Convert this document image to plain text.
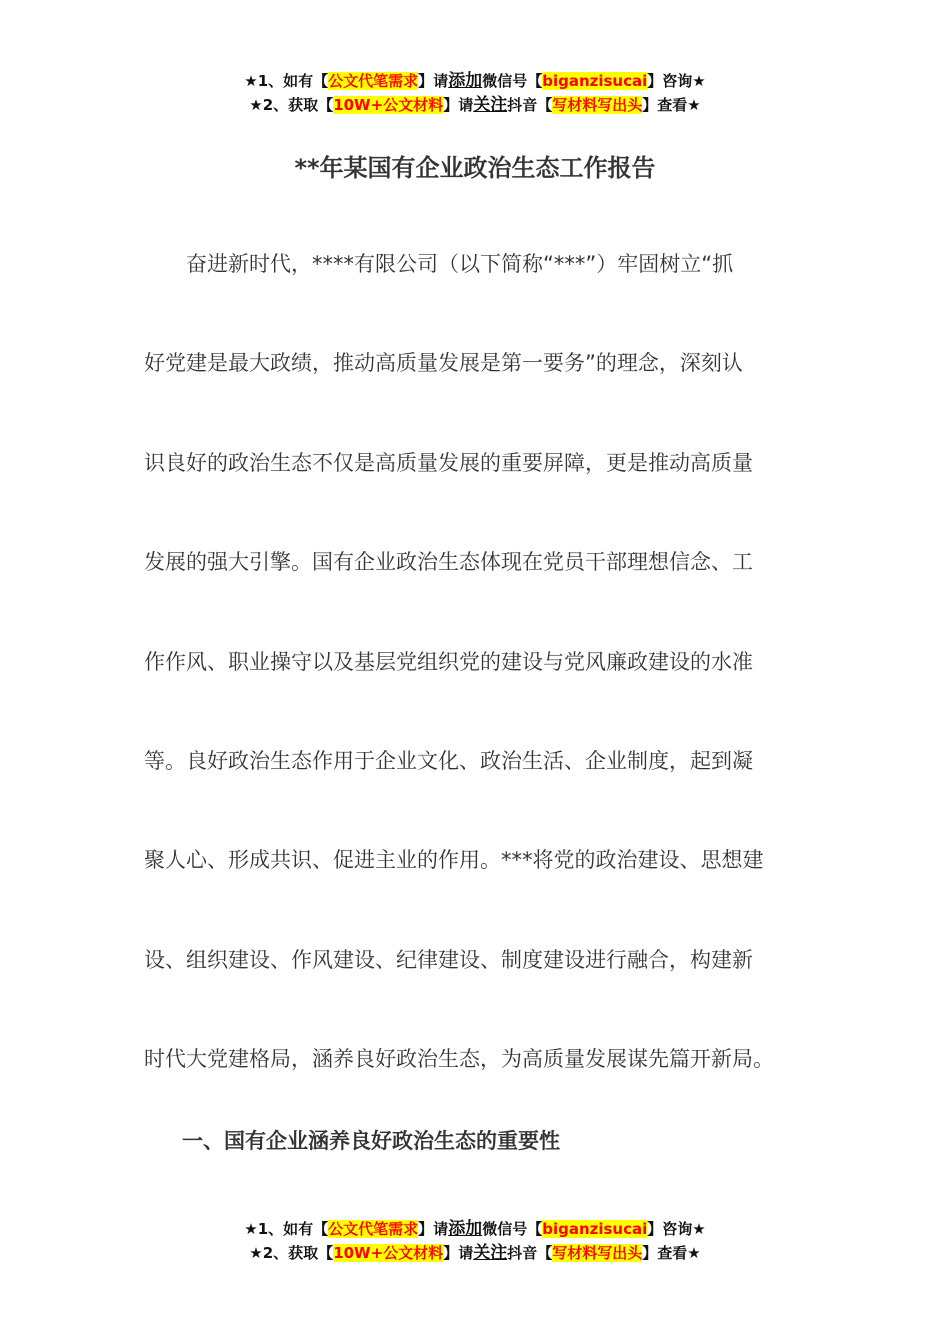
★1、如有【公文代笔需求】请添加微信号【biganzisucai】咨询★
★2、获取【10W+公文材料】请关注抖音【写材料写出头】查看★
**年某国有企业政治生态工作报告
　　奋进新时代，****有限公司（以下简称“***”）牢固树立“抓
好党建是最大政绩，推动高质量发展是第一要务”的理念，深刻认
识良好的政治生态不仅是高质量发展的重要屏障，更是推动高质量
发展的强大引擎。国有企业政治生态体现在党员干部理想信念、工
作作风、职业操守以及基层党组织党的建设与党风廉政建设的水准
等。良好政治生态作用于企业文化、政治生活、企业制度，起到凝
聚人心、形成共识、促进主业的作用。***将党的政治建设、思想建
设、组织建设、作风建设、纪律建设、制度建设进行融合，构建新
时代大党建格局，涵养良好政治生态，为高质量发展谋先篇开新局。
一、国有企业涵养良好政治生态的重要性
★1、如有【公文代笔需求】请添加微信号【biganzisucai】咨询★
★2、获取【10W+公文材料】请关注抖音【写材料写出头】查看★
